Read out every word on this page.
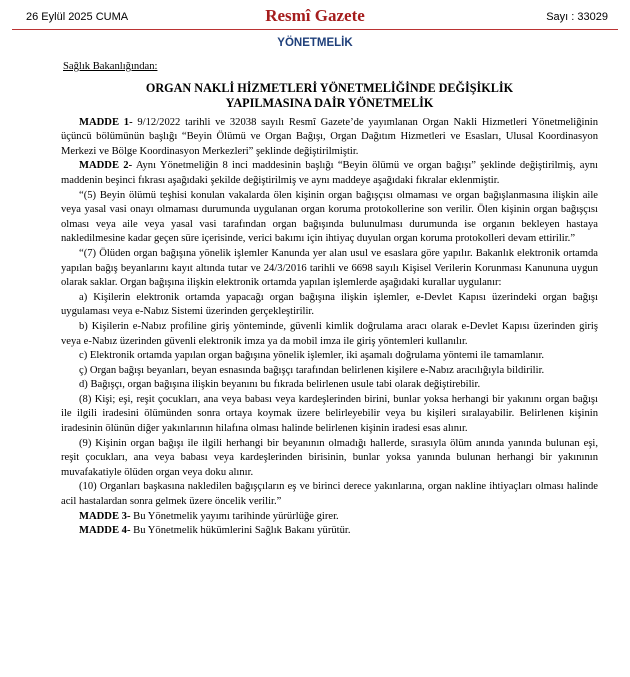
26 Eylül 2025 CUMA	Resmî Gazete	Sayı : 33029
YÖNETMELİK
Sağlık Bakanlığından:
ORGAN NAKLİ HİZMETLERİ YÖNETMELİĞİNDE DEĞİŞİKLİK
YAPILMASINA DAİR YÖNETMELİK

MADDE 1- 9/12/2022 tarihli ve 32038 sayılı Resmî Gazete’de yayımlanan Organ Nakli Hizmetleri Yönetmeliğinin üçüncü bölümünün başlığı “Beyin Ölümü ve Organ Bağışı, Organ Dağıtım Hizmetleri ve Esasları, Ulusal Koordinasyon Merkezi ve Bölge Koordinasyon Merkezleri” şeklinde değiştirilmiştir.

MADDE 2- Aynı Yönetmeliğin 8 inci maddesinin başlığı “Beyin ölümü ve organ bağışı” şeklinde değiştirilmiş, aynı maddenin beşinci fıkrası aşağıdaki şekilde değiştirilmiş ve aynı maddeye aşağıdaki fıkralar eklenmiştir.

“(5) Beyin ölümü teşhisi konulan vakalarda ölen kişinin organ bağışçısı olmaması ve organ bağışlanmasına ilişkin aile veya yasal vasi onayı olmaması durumunda uygulanan organ koruma protokollerine son verilir. Ölen kişinin organ bağışçısı olması veya aile veya yasal vasi tarafından organ bağışında bulunulması durumunda ise organın bekleyen hastaya nakledilmesine kadar geçen süre içerisinde, verici bakımı için ihtiyaç duyulan organ koruma protokolleri devam ettirilir.”

“(7) Ölüden organ bağışına yönelik işlemler Kanunda yer alan usul ve esaslara göre yapılır. Bakanlık elektronik ortamda yapılan bağış beyanlarını kayıt altında tutar ve 24/3/2016 tarihli ve 6698 sayılı Kişisel Verilerin Korunması Kanununa uygun olarak saklar. Organ bağışına ilişkin elektronik ortamda yapılan işlemlerde aşağıdaki kurallar uygulanır:

a) Kişilerin elektronik ortamda yapacağı organ bağışına ilişkin işlemler, e-Devlet Kapısı üzerindeki organ bağışı uygulaması veya e-Nabız Sistemi üzerinden gerçekleştirilir.

b) Kişilerin e-Nabız profiline giriş yönteminde, güvenli kimlik doğrulama aracı olarak e-Devlet Kapısı üzerinden giriş veya e-Nabız üzerinden güvenli elektronik imza ya da mobil imza ile giriş yöntemleri kullanılır.

c) Elektronik ortamda yapılan organ bağışına yönelik işlemler, iki aşamalı doğrulama yöntemi ile tamamlanır.

ç) Organ bağışı beyanları, beyan esnasında bağışçı tarafından belirlenen kişilere e-Nabız aracılığıyla bildirilir.

d) Bağışçı, organ bağışına ilişkin beyanını bu fıkrada belirlenen usule tabi olarak değiştirebilir.

(8) Kişi; eşi, reşit çocukları, ana veya babası veya kardeşlerinden birini, bunlar yoksa herhangi bir yakınını organ bağışı ile ilgili iradesini ölümünden sonra ortaya koymak üzere belirleyebilir veya bu kişileri sıralayabilir. Belirlenen kişinin iradesinin ölünün diğer yakınlarının hilafına olması halinde belirlenen kişinin iradesi esas alınır.

(9) Kişinin organ bağışı ile ilgili herhangi bir beyanının olmadığı hallerde, sırasıyla ölüm anında yanında bulunan eşi, reşit çocukları, ana veya babası veya kardeşlerinden birisinin, bunlar yoksa yanında bulunan herhangi bir yakınının muvafakatiyle ölüden organ veya doku alınır.

(10) Organları başkasına nakledilen bağışçıların eş ve birinci derece yakınlarına, organ nakline ihtiyaçları olması halinde acil hastalardan sonra gelmek üzere öncelik verilir.”

MADDE 3- Bu Yönetmelik yayımı tarihinde yürürlüğe girer.

MADDE 4- Bu Yönetmelik hükümlerini Sağlık Bakanı yürütür.
